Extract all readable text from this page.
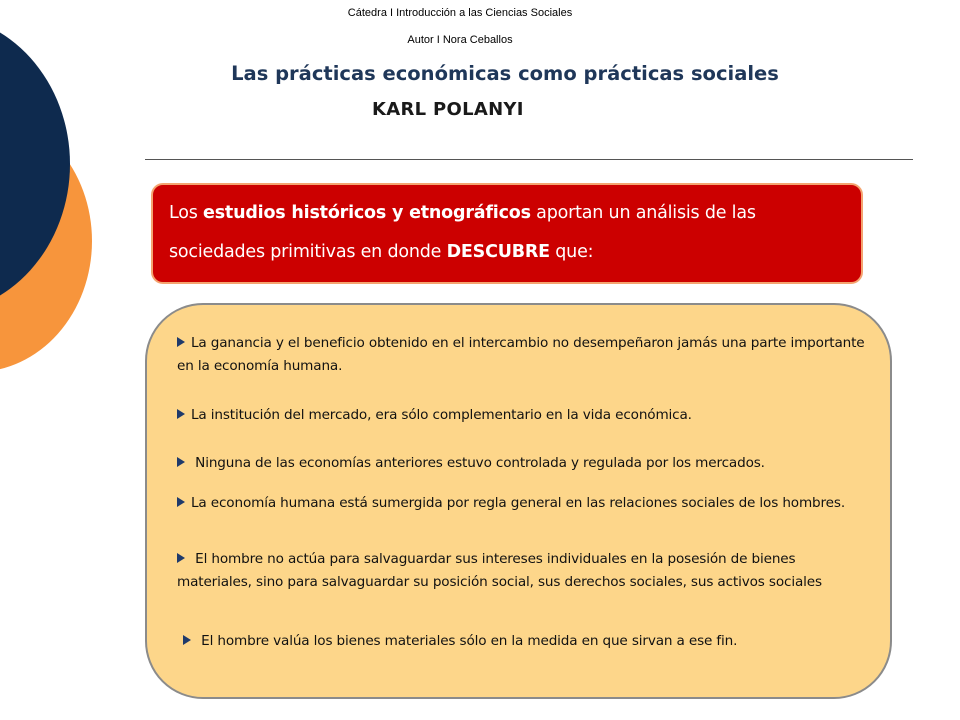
Cátedra I Introducción a las Ciencias Sociales
Autor I Nora Ceballos
Las prácticas económicas como prácticas sociales
KARL POLANYI

Los estudios históricos y etnográficos aportan un análisis de las sociedades primitivas en donde DESCUBRE que:

La ganancia y el beneficio obtenido en el intercambio no desempeñaron jamás una parte importante en la economía humana.
La institución del mercado, era sólo complementario en la vida económica.
Ninguna de las economías anteriores estuvo controlada y regulada por los mercados.
La economía humana está sumergida por regla general en las relaciones sociales de los hombres.
El hombre no actúa para salvaguardar sus intereses individuales en la posesión de bienes materiales, sino para salvaguardar su posición social, sus derechos sociales, sus activos sociales
El hombre valúa los bienes materiales sólo en la medida en que sirvan a ese fin.
